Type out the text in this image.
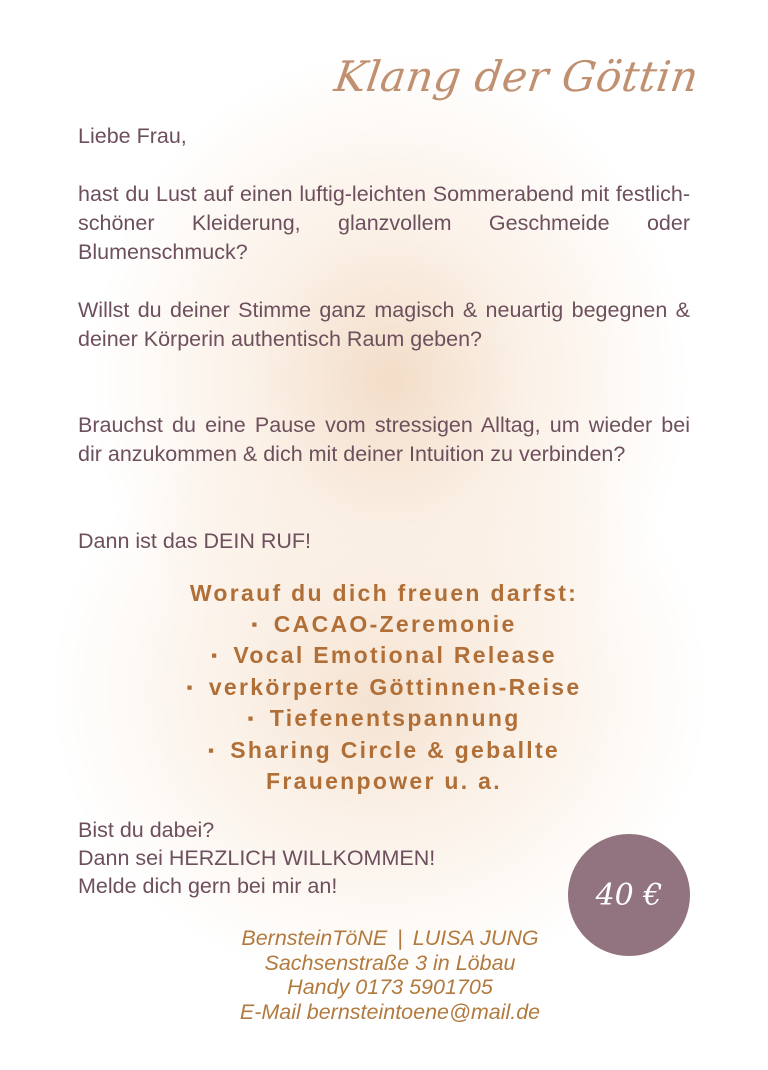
Klang der Göttin
Liebe Frau,
hast du Lust auf einen luftig-leichten Sommerabend mit festlich-schöner Kleiderung, glanzvollem Geschmeide oder Blumenschmuck?
Willst du deiner Stimme ganz magisch & neuartig begegnen & deiner Körperin authentisch Raum geben?
Brauchst du eine Pause vom stressigen Alltag, um wieder bei dir anzukommen & dich mit deiner Intuition zu verbinden?
Dann ist das DEIN RUF!
Worauf du dich freuen darfst:
▪ CACAO-Zeremonie
▪ Vocal Emotional Release
▪ verkörperte Göttinnen-Reise
▪ Tiefenentspannung
▪ Sharing Circle & geballte
Frauenpower u. a.
Bist du dabei?
Dann sei HERZLICH WILLKOMMEN!
Melde dich gern bei mir an!	40 €
BernsteinTöNE | LUISA JUNG
Sachsenstraße 3 in Löbau
Handy 0173 5901705
E-Mail bernsteintoene@mail.de
